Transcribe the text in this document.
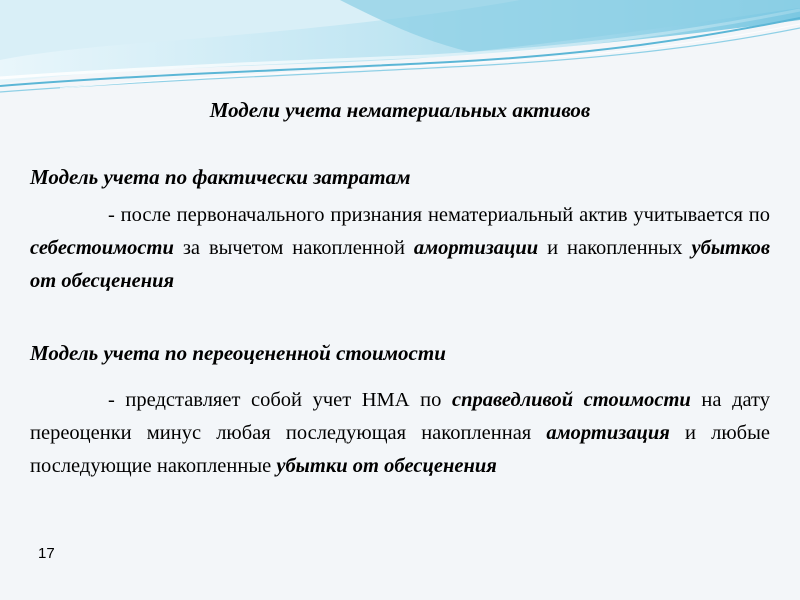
Модели учета нематериальных активов
Модель учета по фактически затратам

- после первоначального признания нематериальный актив учитывается по себестоимости за вычетом накопленной амортизации и накопленных убытков от обесценения

Модель учета по переоцененной стоимости

- представляет собой учет НМА по справедливой стоимости на дату переоценки минус любая последующая накопленная амортизация и любые последующие накопленные убытки от обесценения

17
